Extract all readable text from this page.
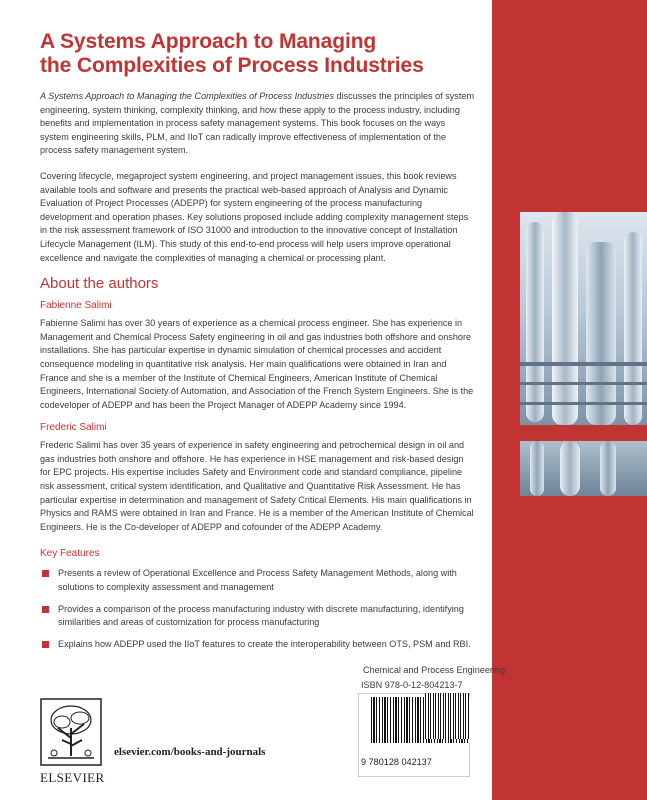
A Systems Approach to Managing
the Complexities of Process Industries

A Systems Approach to Managing the Complexities of Process Industries discusses the principles of system engineering, system thinking, complexity thinking, and how these apply to the process industry, including benefits and implementation in process safety management systems. This book focuses on the ways system engineering skills, PLM, and IIoT can radically improve effectiveness of implementation of the process safety management system.

Covering lifecycle, megaproject system engineering, and project management issues, this book reviews available tools and software and presents the practical web-based approach of Analysis and Dynamic Evaluation of Project Processes (ADEPP) for system engineering of the process manufacturing development and operation phases. Key solutions proposed include adding complexity management steps in the risk assessment framework of ISO 31000 and introduction to the innovative concept of Installation Lifecycle Management (ILM). This study of this end-to-end process will help users improve operational excellence and navigate the complexities of managing a chemical or processing plant.

About the authors
Fabienne Salimi

Fabienne Salimi has over 30 years of experience as a chemical process engineer. She has experience in Management and Chemical Process Safety engineering in oil and gas industries both offshore and onshore installations. She has particular expertise in dynamic simulation of chemical processes and accident consequence modeling in quantitative risk analysis. Her main qualifications were obtained in Iran and France and she is a member of the Institute of Chemical Engineers, American Institute of Chemical Engineers, International Society of Automation, and Association of the French System Engineers. She is the codeveloper of ADEPP and has been the Project Manager of ADEPP Academy since 1994.

Frederic Salimi

Frederic Salimi has over 35 years of experience in safety engineering and petrochemical design in oil and gas industries both onshore and offshore. He has experience in HSE management and risk-based design for EPC projects. His expertise includes Safety and Environment code and standard compliance, pipeline risk assessment, critical system identification, and Qualitative and Quantitative Risk Assessment. He has particular expertise in determination and management of Safety Critical Elements. His main qualifications in Physics and RAMS were obtained in Iran and France. He is a member of the American Institute of Chemical Engineers. He is the Co-developer of ADEPP and cofounder of the ADEPP Academy.

Key Features
Presents a review of Operational Excellence and Process Safety Management Methods, along with solutions to complexity assessment and management
Provides a comparison of the process manufacturing industry with discrete manufacturing, identifying similarities and areas of customization for process manufacturing
Explains how ADEPP used the IIoT features to create the interoperability between OTS, PSM and RBI.
Chemical and Process Engineering
ISBN 978-0-12-804213-7
9 780128 042137
ELSEVIER
elsevier.com/books-and-journals
